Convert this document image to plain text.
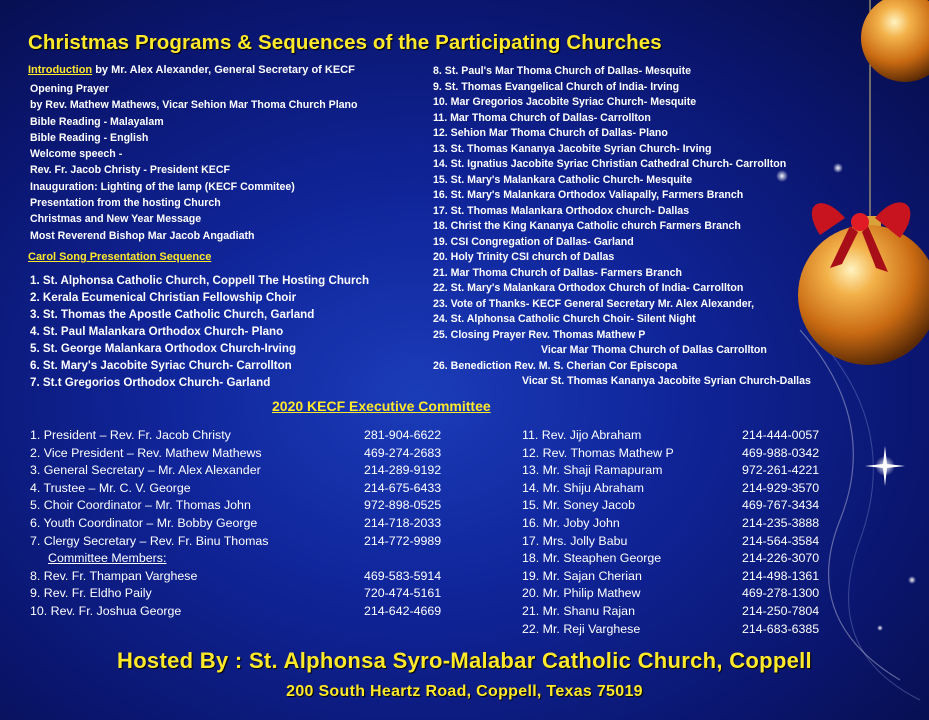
Christmas Programs & Sequences of the Participating Churches
Introduction by Mr. Alex Alexander, General Secretary of KECF
Opening Prayer
by Rev. Mathew Mathews, Vicar Sehion Mar Thoma Church Plano
Bible Reading - Malayalam
Bible Reading - English
Welcome speech -
Rev. Fr. Jacob Christy - President KECF
Inauguration: Lighting of the lamp (KECF Commitee)
Presentation from the hosting Church
Christmas and New Year Message
Most Reverend Bishop Mar Jacob Angadiath
Carol Song Presentation Sequence
1. St. Alphonsa Catholic Church, Coppell The Hosting Church
2. Kerala Ecumenical Christian Fellowship Choir
3. St. Thomas the Apostle Catholic Church, Garland
4. St. Paul Malankara Orthodox Church- Plano
5. St. George Malankara Orthodox Church-Irving
6. St. Mary's Jacobite Syriac Church- Carrollton
7. St.t Gregorios Orthodox Church- Garland
8. St. Paul's Mar Thoma Church of Dallas- Mesquite
9. St. Thomas Evangelical Church of India- Irving
10. Mar Gregorios Jacobite Syriac Church- Mesquite
11. Mar Thoma Church of Dallas- Carrollton
12. Sehion Mar Thoma Church of Dallas- Plano
13. St. Thomas Kananya Jacobite Syrian Church- Irving
14. St. Ignatius Jacobite Syriac Christian Cathedral Church- Carrollton
15. St. Mary's Malankara Catholic Church- Mesquite
16. St. Mary's Malankara Orthodox Valiapally, Farmers Branch
17. St. Thomas Malankara Orthodox church- Dallas
18. Christ the King Kananya Catholic church Farmers Branch
19. CSI Congregation of Dallas- Garland
20. Holy Trinity CSI church of Dallas
21. Mar Thoma Church of Dallas- Farmers Branch
22. St. Mary's Malankara Orthodox Church of India- Carrollton
23. Vote of Thanks- KECF General Secretary Mr. Alex Alexander,
24. St. Alphonsa Catholic Church Choir- Silent Night
25. Closing Prayer Rev. Thomas Mathew P
Vicar Mar Thoma Church of Dallas Carrollton
26. Benediction Rev. M. S. Cherian Cor Episcopa
Vicar St. Thomas Kananya Jacobite Syrian Church-Dallas
2020 KECF Executive Committee
1. President – Rev. Fr. Jacob Christy	281-904-6622
2. Vice President – Rev. Mathew Mathews	469-274-2683
3. General Secretary – Mr. Alex Alexander	214-289-9192
4. Trustee – Mr. C. V. George	214-675-6433
5. Choir Coordinator – Mr. Thomas John	972-898-0525
6. Youth Coordinator – Mr. Bobby George	214-718-2033
7. Clergy Secretary – Rev. Fr. Binu Thomas	214-772-9989
Committee Members:
8. Rev. Fr. Thampan Varghese	469-583-5914
9. Rev. Fr. Eldho Paily	720-474-5161
10. Rev. Fr. Joshua George	214-642-4669
11. Rev. Jijo Abraham	214-444-0057
12. Rev. Thomas Mathew P	469-988-0342
13. Mr. Shaji Ramapuram	972-261-4221
14. Mr. Shiju Abraham	214-929-3570
15. Mr. Soney Jacob	469-767-3434
16. Mr. Joby John	214-235-3888
17. Mrs. Jolly Babu	214-564-3584
18. Mr. Steaphen George	214-226-3070
19. Mr. Sajan Cherian	214-498-1361
20. Mr. Philip Mathew	469-278-1300
21. Mr. Shanu Rajan	214-250-7804
22. Mr. Reji Varghese	214-683-6385
Hosted By : St. Alphonsa Syro-Malabar Catholic Church, Coppell
200 South Heartz Road, Coppell, Texas 75019
